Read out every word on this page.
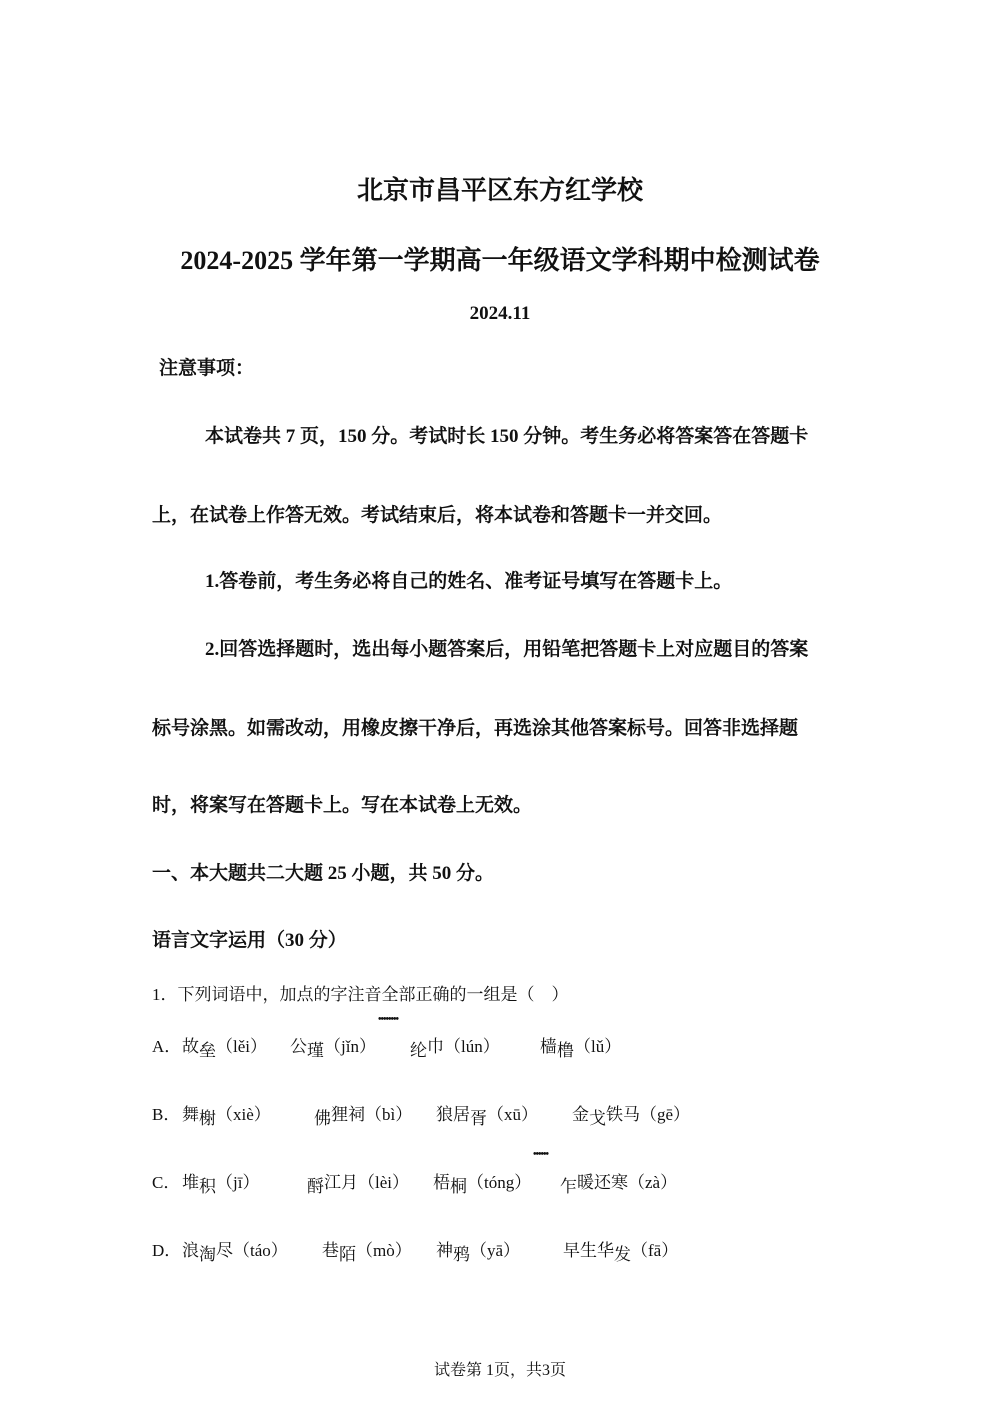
北京市昌平区东方红学校
2024-2025 学年第一学期高一年级语文学科期中检测试卷
2024.11
注意事项：
本试卷共 7 页，150 分。考试时长 150 分钟。考生务必将答案答在答题卡
上，在试卷上作答无效。考试结束后，将本试卷和答题卡一并交回。
1.答卷前，考生务必将自己的姓名、准考证号填写在答题卡上。
2.回答选择题时，选出每小题答案后，用铅笔把答题卡上对应题目的答案
标号涂黑。如需改动，用橡皮擦干净后，再选涂其他答案标号。回答非选择题
时，将案写在答题卡上。写在本试卷上无效。
一、本大题共二大题 25 小题，共 50 分。
语言文字运用（30 分）
1．下列词语中，加点的字注音全部正确的一组是（　）
••••••••
••••••
A． 故垒（lěi） 公瑾（jǐn） 纶巾（lún） 樯橹（lǔ）
B． 舞榭（xiè）	佛狸祠（bì） 狼居胥（xū） 金戈铁马（gē）
C． 堆积（jī）	酹江月（lèi） 梧桐（tóng） 乍暖还寒（zà）
D． 浪淘尽（táo） 巷陌（mò） 神鸦（yā）	早生华发（fā）
试卷第 1页，共3页
